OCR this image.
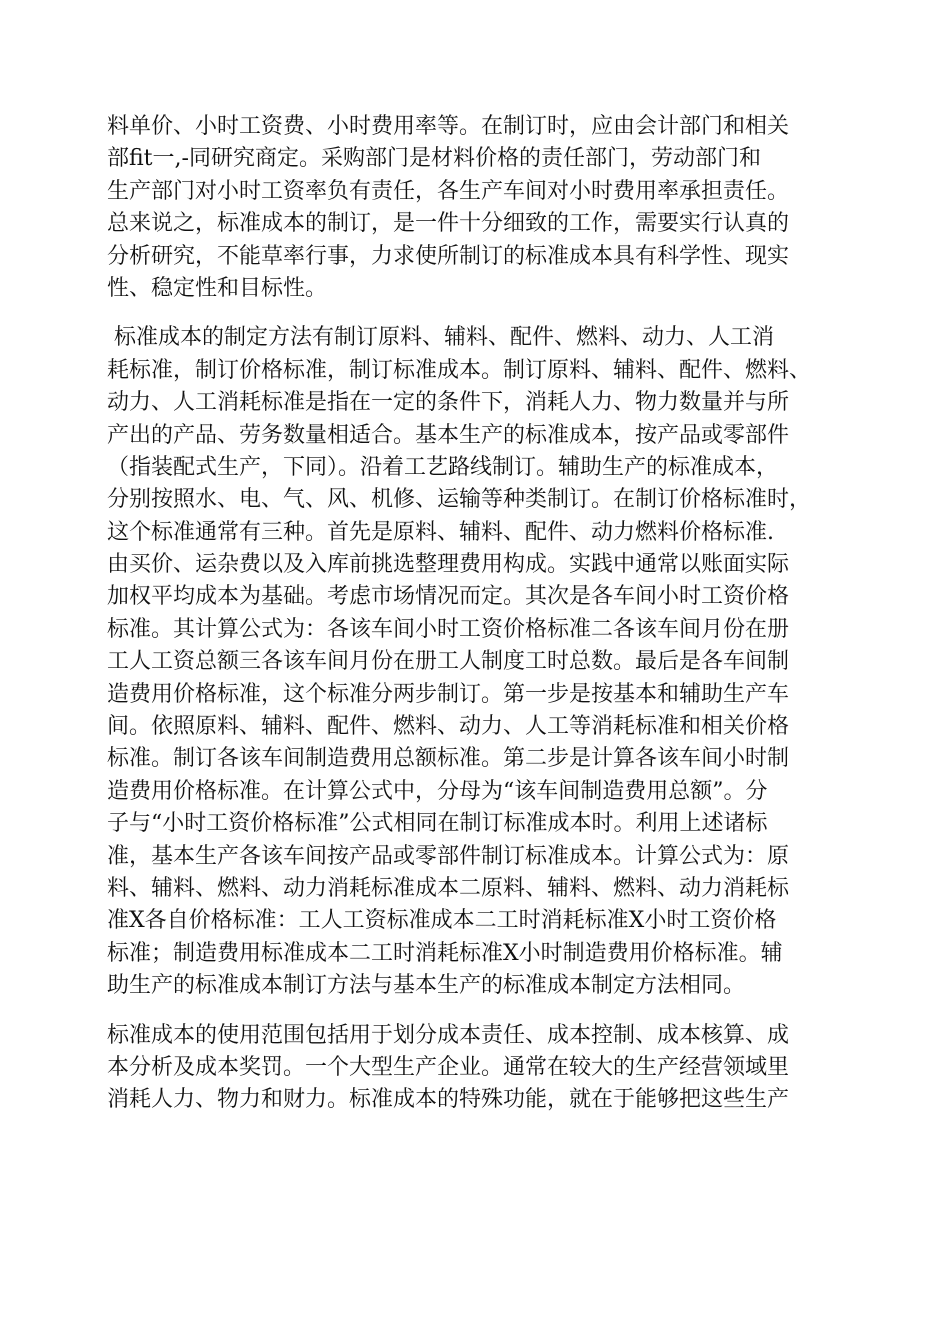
料单价、小时工资费、小时费用率等。在制订时，应由会计部门和相关
部fit一,-同研究商定。采购部门是材料价格的责任部门，劳动部门和
生产部门对小时工资率负有责任，各生产车间对小时费用率承担责任。
总来说之，标准成本的制订，是一件十分细致的工作，需要实行认真的
分析研究，不能草率行事，力求使所制订的标准成本具有科学性、现实
性、稳定性和目标性。
标准成本的制定方法有制订原料、辅料、配件、燃料、动力、人工消
耗标准，制订价格标准，制订标准成本。制订原料、辅料、配件、燃料、
动力、人工消耗标准是指在一定的条件下，消耗人力、物力数量并与所
产出的产品、劳务数量相适合。基本生产的标准成本，按产品或零部件
（指装配式生产，下同）。沿着工艺路线制订。辅助生产的标准成本，
分别按照水、电、气、风、机修、运输等种类制订。在制订价格标准时，
这个标准通常有三种。首先是原料、辅料、配件、动力燃料价格标准.
由买价、运杂费以及入库前挑选整理费用构成。实践中通常以账面实际
加权平均成本为基础。考虑市场情况而定。其次是各车间小时工资价格
标准。其计算公式为：各该车间小时工资价格标准二各该车间月份在册
工人工资总额三各该车间月份在册工人制度工时总数。最后是各车间制
造费用价格标准，这个标准分两步制订。第一步是按基本和辅助生产车
间。依照原料、辅料、配件、燃料、动力、人工等消耗标准和相关价格
标准。制订各该车间制造费用总额标准。第二步是计算各该车间小时制
造费用价格标准。在计算公式中，分母为“该车间制造费用总额”。分
子与“小时工资价格标准”公式相同在制订标准成本时。利用上述诸标
准，基本生产各该车间按产品或零部件制订标准成本。计算公式为：原
料、辅料、燃料、动力消耗标准成本二原料、辅料、燃料、动力消耗标
准X各自价格标准：工人工资标准成本二工时消耗标准X小时工资价格
标准；制造费用标准成本二工时消耗标准X小时制造费用价格标准。辅
助生产的标准成本制订方法与基本生产的标准成本制定方法相同。
标准成本的使用范围包括用于划分成本责任、成本控制、成本核算、成
本分析及成本奖罚。一个大型生产企业。通常在较大的生产经营领域里
消耗人力、物力和财力。标准成本的特殊功能，就在于能够把这些生产
